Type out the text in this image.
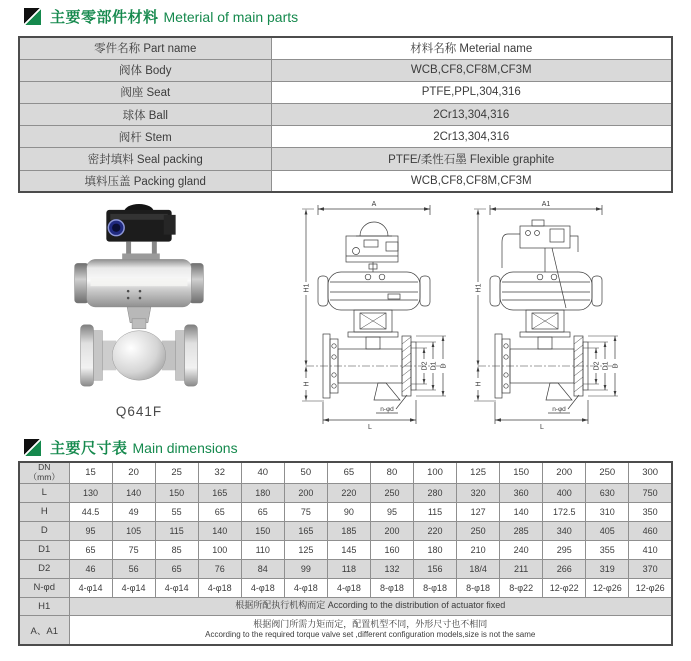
主要零部件材料 Meterial of main parts
零件名称 Part name	材料名称 Meterial name
阀体 Body	WCB,CF8,CF8M,CF3M
阀座 Seat	PTFE,PPL,304,316
球体 Ball	2Cr13,304,316
阀杆 Stem	2Cr13,304,316
密封填料 Seal packing	PTFE/柔性石墨 Flexible graphite
填料压盖 Packing gland	WCB,CF8,CF8M,CF3M
Q641F
A
H1
H
D2 D1 D
L
n-φd
A1
H1
H
D2 D1 D
L
n-φd
主要尺寸表 Main dimensions
DN
（mm）	15	20	25	32	40	50	65	80	100	125	150	200	250	300
L	130	140	150	165	180	200	220	250	280	320	360	400	630	750
H	44.5	49	55	65	65	75	90	95	115	127	140	172.5	310	350
D	95	105	115	140	150	165	185	200	220	250	285	340	405	460
D1	65	75	85	100	110	125	145	160	180	210	240	295	355	410
D2	46	56	65	76	84	99	118	132	156	18/4	211	266	319	370
N-φd	4-φ14	4-φ14	4-φ14	4-φ18	4-φ18	4-φ18	4-φ18	8-φ18	8-φ18	8-φ18	8-φ22	12-φ22	12-φ26	12-φ26
H1	根据所配执行机构而定 According to the distribution of actuator fixed													

A、A1	根据阀门所需力矩而定，配置机型不同，外形尺寸也不相同
According to the required torque valve set ,different configuration models,size is not the same													
